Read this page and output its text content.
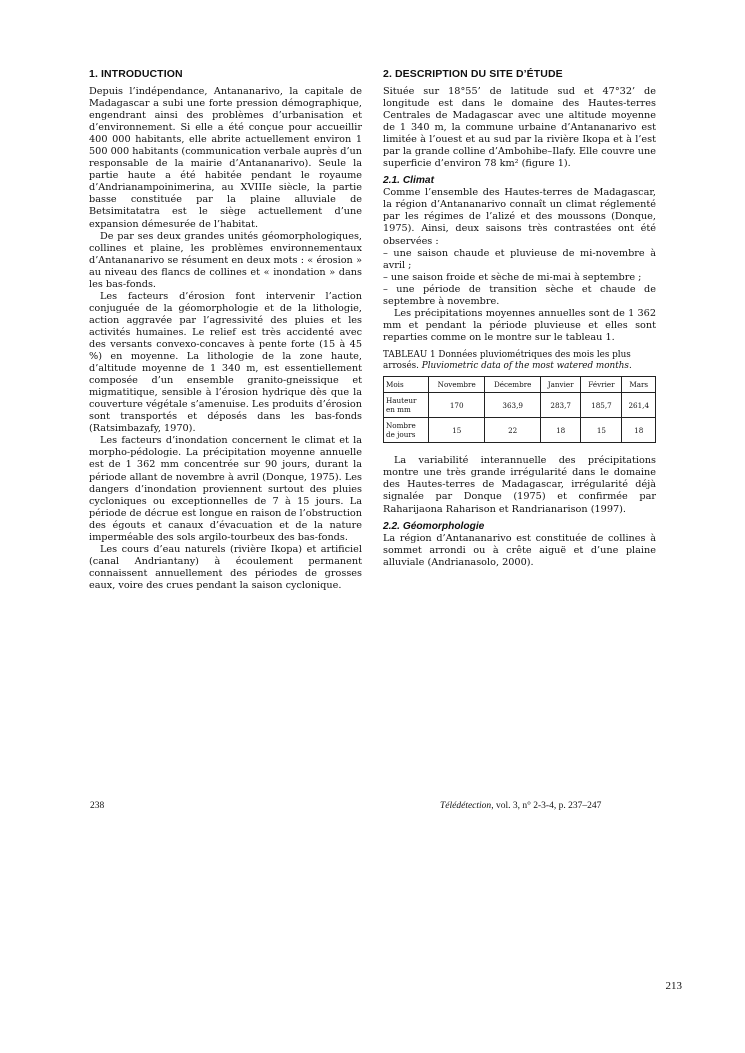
1. INTRODUCTION

Depuis l’indépendance, Antananarivo, la capitale de Madagascar a subi une forte pression démographique, engendrant ainsi des problèmes d’urbanisation et d’environnement. Si elle a été conçue pour accueillir 400 000 habitants, elle abrite actuellement environ 1 500 000 habitants (communication verbale auprès d’un responsable de la mairie d’Antananarivo). Seule la partie haute a été habitée pendant le royaume d’Andrianampoinimerina, au XVIIIe siècle, la partie basse constituée par la plaine alluviale de Betsimitatatra est le siège actuellement d’une expansion démesurée de l’habitat.

De par ses deux grandes unités géomorphologiques, collines et plaine, les problèmes environnementaux d’Antananarivo se résument en deux mots : « érosion » au niveau des flancs de collines et « inondation » dans les bas-fonds.

Les facteurs d’érosion font intervenir l’action conjuguée de la géomorphologie et de la lithologie, action aggravée par l’agressivité des pluies et les activités humaines. Le relief est très accidenté avec des versants convexo-concaves à pente forte (15 à 45 %) en moyenne. La lithologie de la zone haute, d’altitude moyenne de 1 340 m, est essentiellement composée d’un ensemble granito-gneissique et migmatitique, sensible à l’érosion hydrique dès que la couverture végétale s’amenuise. Les produits d’érosion sont transportés et déposés dans les bas-fonds (Ratsimbazafy, 1970).

Les facteurs d’inondation concernent le climat et la morpho-pédologie. La précipitation moyenne annuelle est de 1 362 mm concentrée sur 90 jours, durant la période allant de novembre à avril (Donque, 1975). Les dangers d’inondation proviennent surtout des pluies cycloniques ou exceptionnelles de 7 à 15 jours. La période de décrue est longue en raison de l’obstruction des égouts et canaux d’évacuation et de la nature imperméable des sols argilo-tourbeux des bas-fonds.

Les cours d’eau naturels (rivière Ikopa) et artificiel (canal Andriantany) à écoulement permanent connaissent annuellement des périodes de grosses eaux, voire des crues pendant la saison cyclonique.

2. DESCRIPTION DU SITE D’ÉTUDE

Située sur 18°55’ de latitude sud et 47°32’ de longitude est dans le domaine des Hautes-terres Centrales de Madagascar avec une altitude moyenne de 1 340 m, la commune urbaine d’Antananarivo est limitée à l’ouest et au sud par la rivière Ikopa et à l’est par la grande colline d’Ambohibe–Ilafy. Elle couvre une superficie d’environ 78 km² (figure 1).

2.1. Climat

Comme l’ensemble des Hautes-terres de Madagascar, la région d’Antananarivo connaît un climat réglementé par les régimes de l’alizé et des moussons (Donque, 1975). Ainsi, deux saisons très contrastées ont été observées :

– une saison chaude et pluvieuse de mi-novembre à avril ;

– une saison froide et sèche de mi-mai à septembre ;

– une période de transition sèche et chaude de septembre à novembre.

Les précipitations moyennes annuelles sont de 1 362 mm et pendant la période pluvieuse et elles sont reparties comme on le montre sur le tableau 1.

TABLEAU 1 Données pluviométriques des mois les plus arrosés. Pluviometric data of the most watered months.

Mois	Novembre	Décembre	Janvier	Février	Mars
Hauteur en mm	170	363,9	283,7	185,7	261,4
Nombre de jours	15	22	18	15	18

La variabilité interannuelle des précipitations montre une très grande irrégularité dans le domaine des Hautes-terres de Madagascar, irrégularité déjà signalée par Donque (1975) et confirmée par Raharijaona Raharison et Randrianarison (1997).

2.2. Géomorphologie

La région d’Antananarivo est constituée de collines à sommet arrondi ou à crête aiguë et d’une plaine alluviale (Andrianasolo, 2000).

238	Télédétection, vol. 3, n° 2-3-4, p. 237–247
213
